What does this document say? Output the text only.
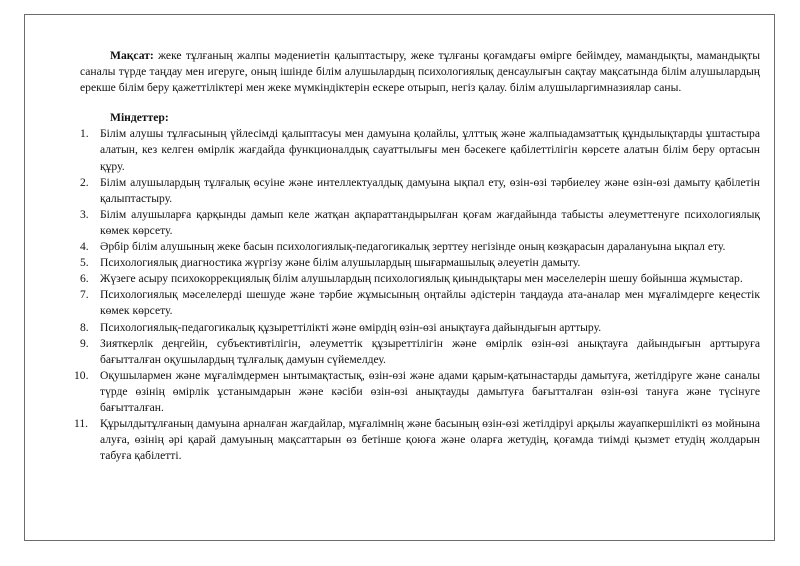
Мақсат: жеке тұлғаның жалпы мәдениетін қалыптастыру, жеке тұлғаны қоғамдағы өмірге бейімдеу, мамандықты, мамандықты саналы түрде таңдау мен игеруге, оның ішінде білім алушылардың психологиялық денсаулығын сақтау мақсатында білім алушылардың ерекше білім беру қажеттіліктері мен жеке мүмкіндіктерін ескере отырып, негіз қалау. білім алушыларгимназиялар саны.

Міндеттер:

1. Білім алушы тұлғасының үйлесімді қалыптасуы мен дамуына қолайлы, ұлттық және жалпыадамзаттық құндылықтарды ұштастыра алатын, кез келген өмірлік жағдайда функционалдық сауаттылығы мен бәсекеге қабілеттілігін көрсете алатын білім беру ортасын құру.
2. Білім алушылардың тұлғалық өсуіне және интеллектуалдық дамуына ықпал ету, өзін-өзі тәрбиелеу және өзін-өзі дамыту қабілетін қалыптастыру.
3. Білім алушыларға қарқынды дамып келе жатқан ақпараттандырылған қоғам жағдайында табысты әлеуметтенуге психологиялық көмек көрсету.
4. Әрбір білім алушының жеке басын психологиялық-педагогикалық зерттеу негізінде оның көзқарасын даралануына ықпал ету.
5. Психологиялық диагностика жүргізу және білім алушылардың шығармашылық әлеуетін дамыту.
6. Жүзеге асыру психокоррекциялық білім алушылардың психологиялық қиындықтары мен мәселелерін шешу бойынша жұмыстар.
7. Психологиялық мәселелерді шешуде және тәрбие жұмысының оңтайлы әдістерін таңдауда ата-аналар мен мұғалімдерге кеңестік көмек көрсету.
8. Психологиялық-педагогикалық құзыреттілікті және өмірдің өзін-өзі анықтауға дайындығын арттыру.
9. Зияткерлік деңгейін, субъективтілігін, әлеуметтік құзыреттілігін және өмірлік өзін-өзі анықтауға дайындығын арттыруға бағытталған оқушылардың тұлғалық дамуын сүйемелдеу.
10. Оқушылармен және мұғалімдермен ынтымақтастық, өзін-өзі және адами қарым-қатынастарды дамытуға, жетілдіруге және саналы түрде өзінің өмірлік ұстанымдарын және кәсіби өзін-өзі анықтауды дамытуға бағытталған өзін-өзі тануға және түсінуге бағытталған.
11. Құрылдытұлғаның дамуына арналған жағдайлар, мұғалімнің және басының өзін-өзі жетілдіруі арқылы жауапкершілікті өз мойнына алуға, өзінің әрі қарай дамуының мақсаттарын өз бетінше қоюға және оларға жетудің, қоғамда тиімді қызмет етудің жолдарын табуға қабілетті.
